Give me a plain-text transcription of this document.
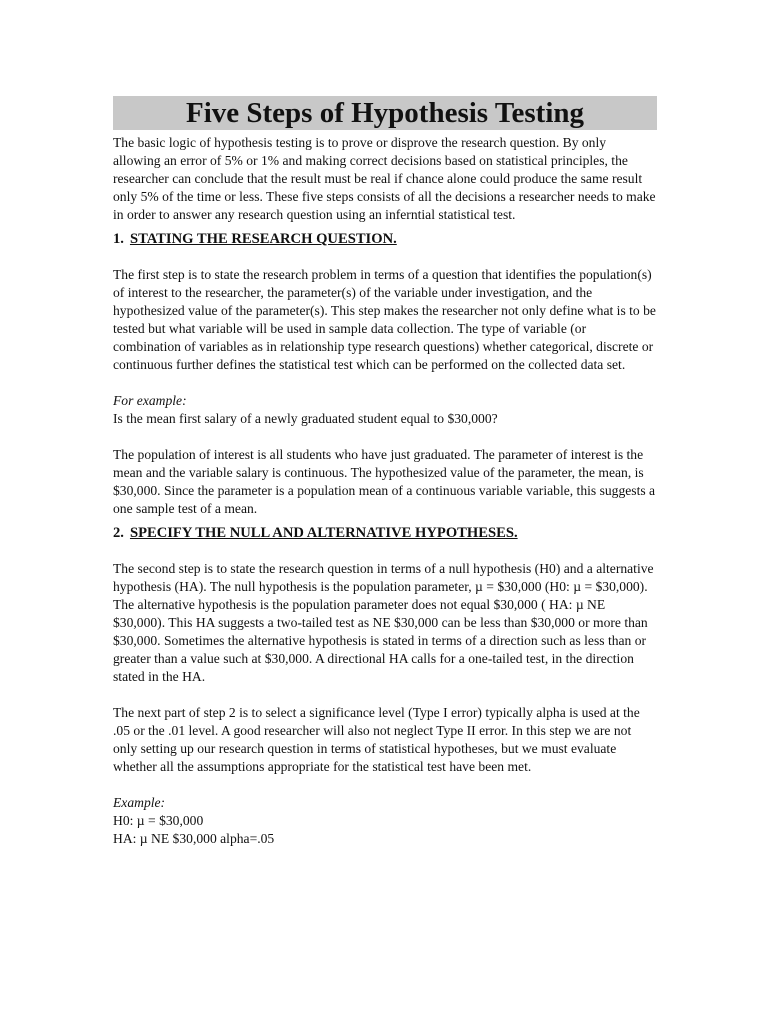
Five Steps of Hypothesis Testing

The basic logic of hypothesis testing is to prove or disprove the research question. By only allowing an error of 5% or 1% and making correct decisions based on statistical principles, the researcher can conclude that the result must be real if chance alone could produce the same result only 5% of the time or less. These five steps consists of all the decisions a researcher needs to make in order to answer any research question using an inferntial statistical test.

1. STATING THE RESEARCH QUESTION.

The first step is to state the research problem in terms of a question that identifies the population(s) of interest to the researcher, the parameter(s) of the variable under investigation, and the hypothesized value of the parameter(s). This step makes the researcher not only define what is to be tested but what variable will be used in sample data collection. The type of variable (or combination of variables as in relationship type research questions) whether categorical, discrete or continuous further defines the statistical test which can be performed on the collected data set.

For example:

Is the mean first salary of a newly graduated student equal to $30,000?

The population of interest is all students who have just graduated. The parameter of interest is the mean and the variable salary is continuous. The hypothesized value of the parameter, the mean, is $30,000. Since the parameter is a population mean of a continuous variable variable, this suggests a one sample test of a mean.

2. SPECIFY THE NULL AND ALTERNATIVE HYPOTHESES.

The second step is to state the research question in terms of a null hypothesis (H0) and a alternative hypothesis (HA). The null hypothesis is the population parameter, µ = $30,000 (H0: µ = $30,000). The alternative hypothesis is the population parameter does not equal $30,000 ( HA: µ NE $30,000). This HA suggests a two-tailed test as NE $30,000 can be less than $30,000 or more than $30,000. Sometimes the alternative hypothesis is stated in terms of a direction such as less than or greater than a value such at $30,000. A directional HA calls for a one-tailed test, in the direction stated in the HA.

The next part of step 2 is to select a significance level (Type I error) typically alpha is used at the .05 or the .01 level. A good researcher will also not neglect Type II error. In this step we are not only setting up our research question in terms of statistical hypotheses, but we must evaluate whether all the assumptions appropriate for the statistical test have been met.

Example:

H0: µ = $30,000

HA: µ NE $30,000 alpha=.05
